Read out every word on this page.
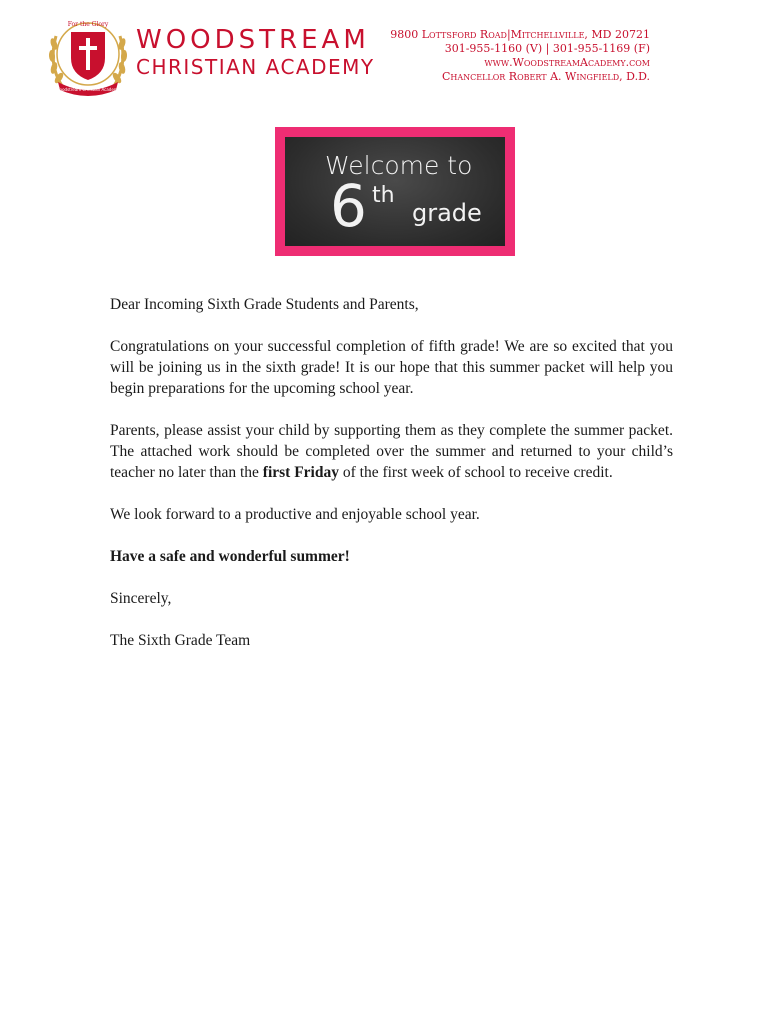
For the Glory
Woodstream Christian Academy
WOODSTREAM
CHRISTIAN ACADEMY
9800 Lottsford Road|Mitchellville, MD 20721
301-955-1160 (V) | 301-955-1169 (F)
www.WoodstreamAcademy.com
Chancellor Robert A. Wingfield, D.D.
Welcome to
6 th
grade

Dear Incoming Sixth Grade Students and Parents,

Congratulations on your successful completion of fifth grade! We are so excited that you will be joining us in the sixth grade! It is our hope that this summer packet will help you begin preparations for the upcoming school year.

Parents, please assist your child by supporting them as they complete the summer packet. The attached work should be completed over the summer and returned to your child’s teacher no later than the first Friday of the first week of school to receive credit.

We look forward to a productive and enjoyable school year.

Have a safe and wonderful summer!

Sincerely,

The Sixth Grade Team
